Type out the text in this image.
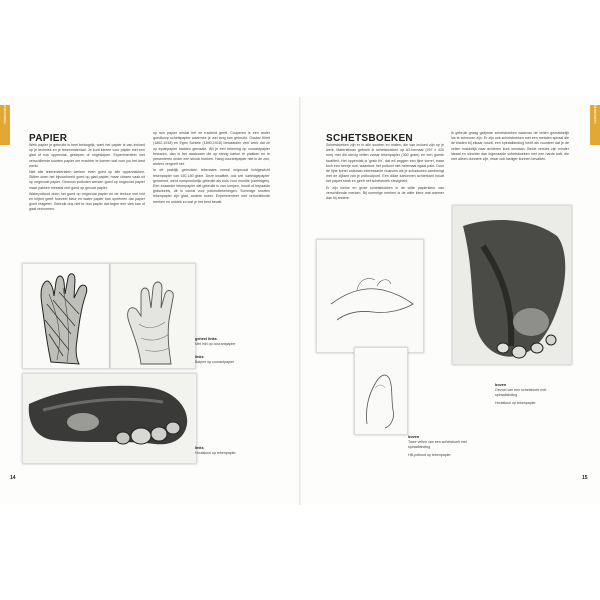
Materialen
PAPIER

Welk papier je gebruikt is heel belangrijk, want het papier is van invloed op je techniek en je tekenmateriaal. Je kunt kiezen voor papier met een glad of ruw oppervlak, geslepen of ongeslepen. Experimenteer met verschillende soorten papier om erachter te komen wat voor jou het best werkt.

Niet alle tekenmaterialen werken even goed op alle oppervlakken. Stiften doen het bijvoorbeeld goed op glad papier, maar vlowen vaak uit op ongecoat papier. Gewoon potloden werken goed op ongecoat papier maar pakken meestal niet goed op gecoat papier.

Waterpotlood doen het goed op ongecoat papier en de textuur met inkt en krijten geeft hoeveel kleur en water papier kan opnemen dat papier goed reageert. Gebruik dus niet te dun papier dat tegen een vlek kan of gaat vervormen.

op ruw papier omdat het ze ruwheid geeft. Couperen is een ander goedkoop schetspapier waarmee je wel lang kan gebruikt. Gustav Klimt (1862-1918) en Egon Schiele (1890-1918) bewaarden veel werk dat ze op inpakpapier hadden gemaakt. Wil je een tekening op courantpapier bewaren, dan is het raadzaam die op stevig karton te plakken en te presenteren onder een strook boeken. Hang courantpapier niet in de zon, anders vergeelt het.

In de praktijk gebruiken tekenaars vooral ongecoat lichtgewicht tekenpapier van 150-180 gram. Deze kwaliteit, ook wel 'cartridgepapier' genoemd, werd oorspronkelijk gebruikt als huls voor munitie (cartridges). Een zwaarder tekenpapier dat gebruikt is van lompen, houdt of bepaalde grasvezels, dit is vooral voor potloodtekeningen. Sommige soorten tekenpapier zijn glad, andere ruwer. Experimenteer met verschillende merken en ontdek zo wat je het best bevalt.

geheel links
Met inkt op courantpapier
links
Balpen op courantpapier
links
Houtskool op tekenpapier
14
Materialen
SCHETSBOEKEN

Schetsboeken zijn er in alle soorten en maten, die van invloed zijn op je werk. Materstboek gebruik ik schetsboeken op A3-formaat (297 x 420 mm) met dik stevig vellen zwaar tekenpapier (300 gram) en een goede kwaliteit. Het oppervlak is 'grain fin', dat wil zeggen een fijne korrel, maar toch een beetje ruw, waardoor het potlood niet helemaal egaal pakt. Door de fijne korrel ontstaan interessante nuances als je schaduwen aanbrengt met de zijkant van je potloodpunt. Een dikke kartonnen achterkant houdt het papier strak en geeft het schetsboek stevigheid.

Er zijn kleine en grote schetsblokken in de witte papierkleur van verschillende merken. Bij sommige merken is de witte kleur wat warmer dan bij andere.

Ik gebruik graag gelijmde schetsboeken waarvan de vellen gemakkelijk los te scheuren zijn. Er zijn ook schetsboeken met een metalen spiraal die de bladen bij elkaar houdt, een spiraalbinding heeft als voordeel dat je de vellen makkelijk naar achteren kunt omslaan. Beide versies zijn minder ideaal en slechter dan ingenaaide schetsboeken met een harde kaft, die met alleen dunnere zijn, maar ook lastiger kunnen bevatten.

boven
Gevoel van een schetsboek met spiraalbinding
Houtskool op tekenpapier
boven
Twee vellen van een schetsboek met spiraalbinding
HB-potlood op tekenpapier
15
